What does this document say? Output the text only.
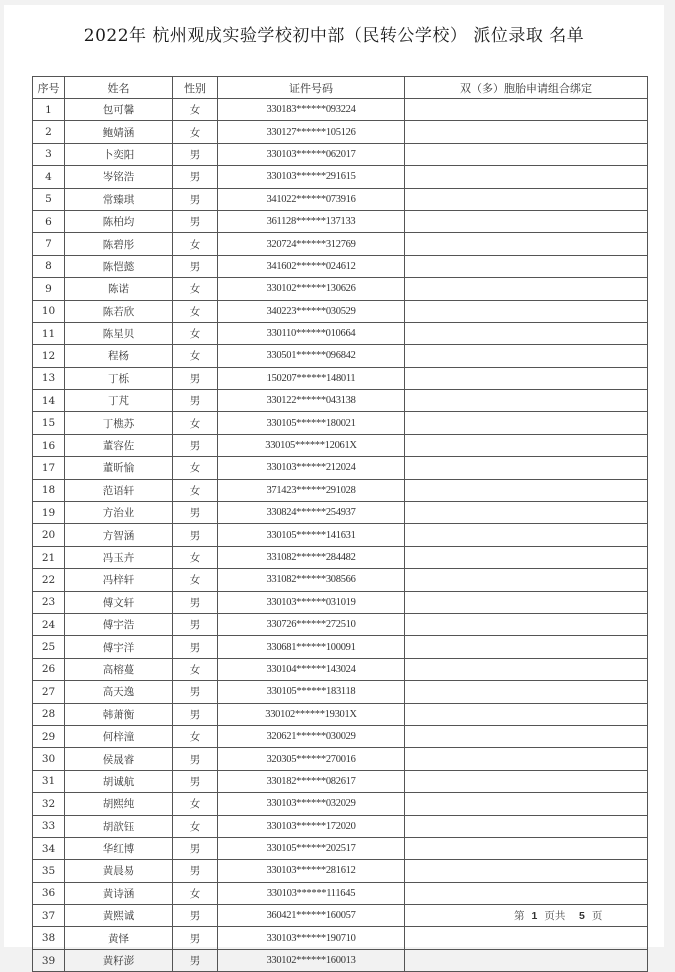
2022年 杭州观成实验学校初中部（民转公学校） 派位录取 名单
序号	姓名	性别	证件号码	双（多）胞胎申请组合绑定
1	包可馨	女	330183******093224	
2	鲍婧涵	女	330127******105126	
3	卜奕阳	男	330103******062017	
4	岑铭浩	男	330103******291615	
5	常臻琪	男	341022******073916	
6	陈柏均	男	361128******137133	
7	陈碧彤	女	320724******312769	
8	陈恺懿	男	341602******024612	
9	陈诺	女	330102******130626	
10	陈若欣	女	340223******030529	
11	陈星贝	女	330110******010664	
12	程杨	女	330501******096842	
13	丁栎	男	150207******148011	
14	丁芃	男	330122******043138	
15	丁樵苏	女	330105******180021	
16	董容佐	男	330105******12061X	
17	董昕愉	女	330103******212024	
18	范语轩	女	371423******291028	
19	方治业	男	330824******254937	
20	方智涵	男	330105******141631	
21	冯玉卉	女	331082******284482	
22	冯梓轩	女	331082******308566	
23	傅文轩	男	330103******031019	
24	傅宇浩	男	330726******272510	
25	傅宇洋	男	330681******100091	
26	高榕蔓	女	330104******143024	
27	高天逸	男	330105******183118	
28	韩萧衡	男	330102******19301X	
29	何梓潼	女	320621******030029	
30	侯晟睿	男	320305******270016	
31	胡诚航	男	330182******082617	
32	胡熙纯	女	330103******032029	
33	胡歆钰	女	330103******172020	
34	华红博	男	330105******202517	
35	黄晨易	男	330103******281612	
36	黄诗涵	女	330103******111645	
37	黄熙诚	男	360421******160057	
38	黄怿	男	330103******190710	
39	黄籽澎	男	330102******160013	
第 1 页共 5 页
